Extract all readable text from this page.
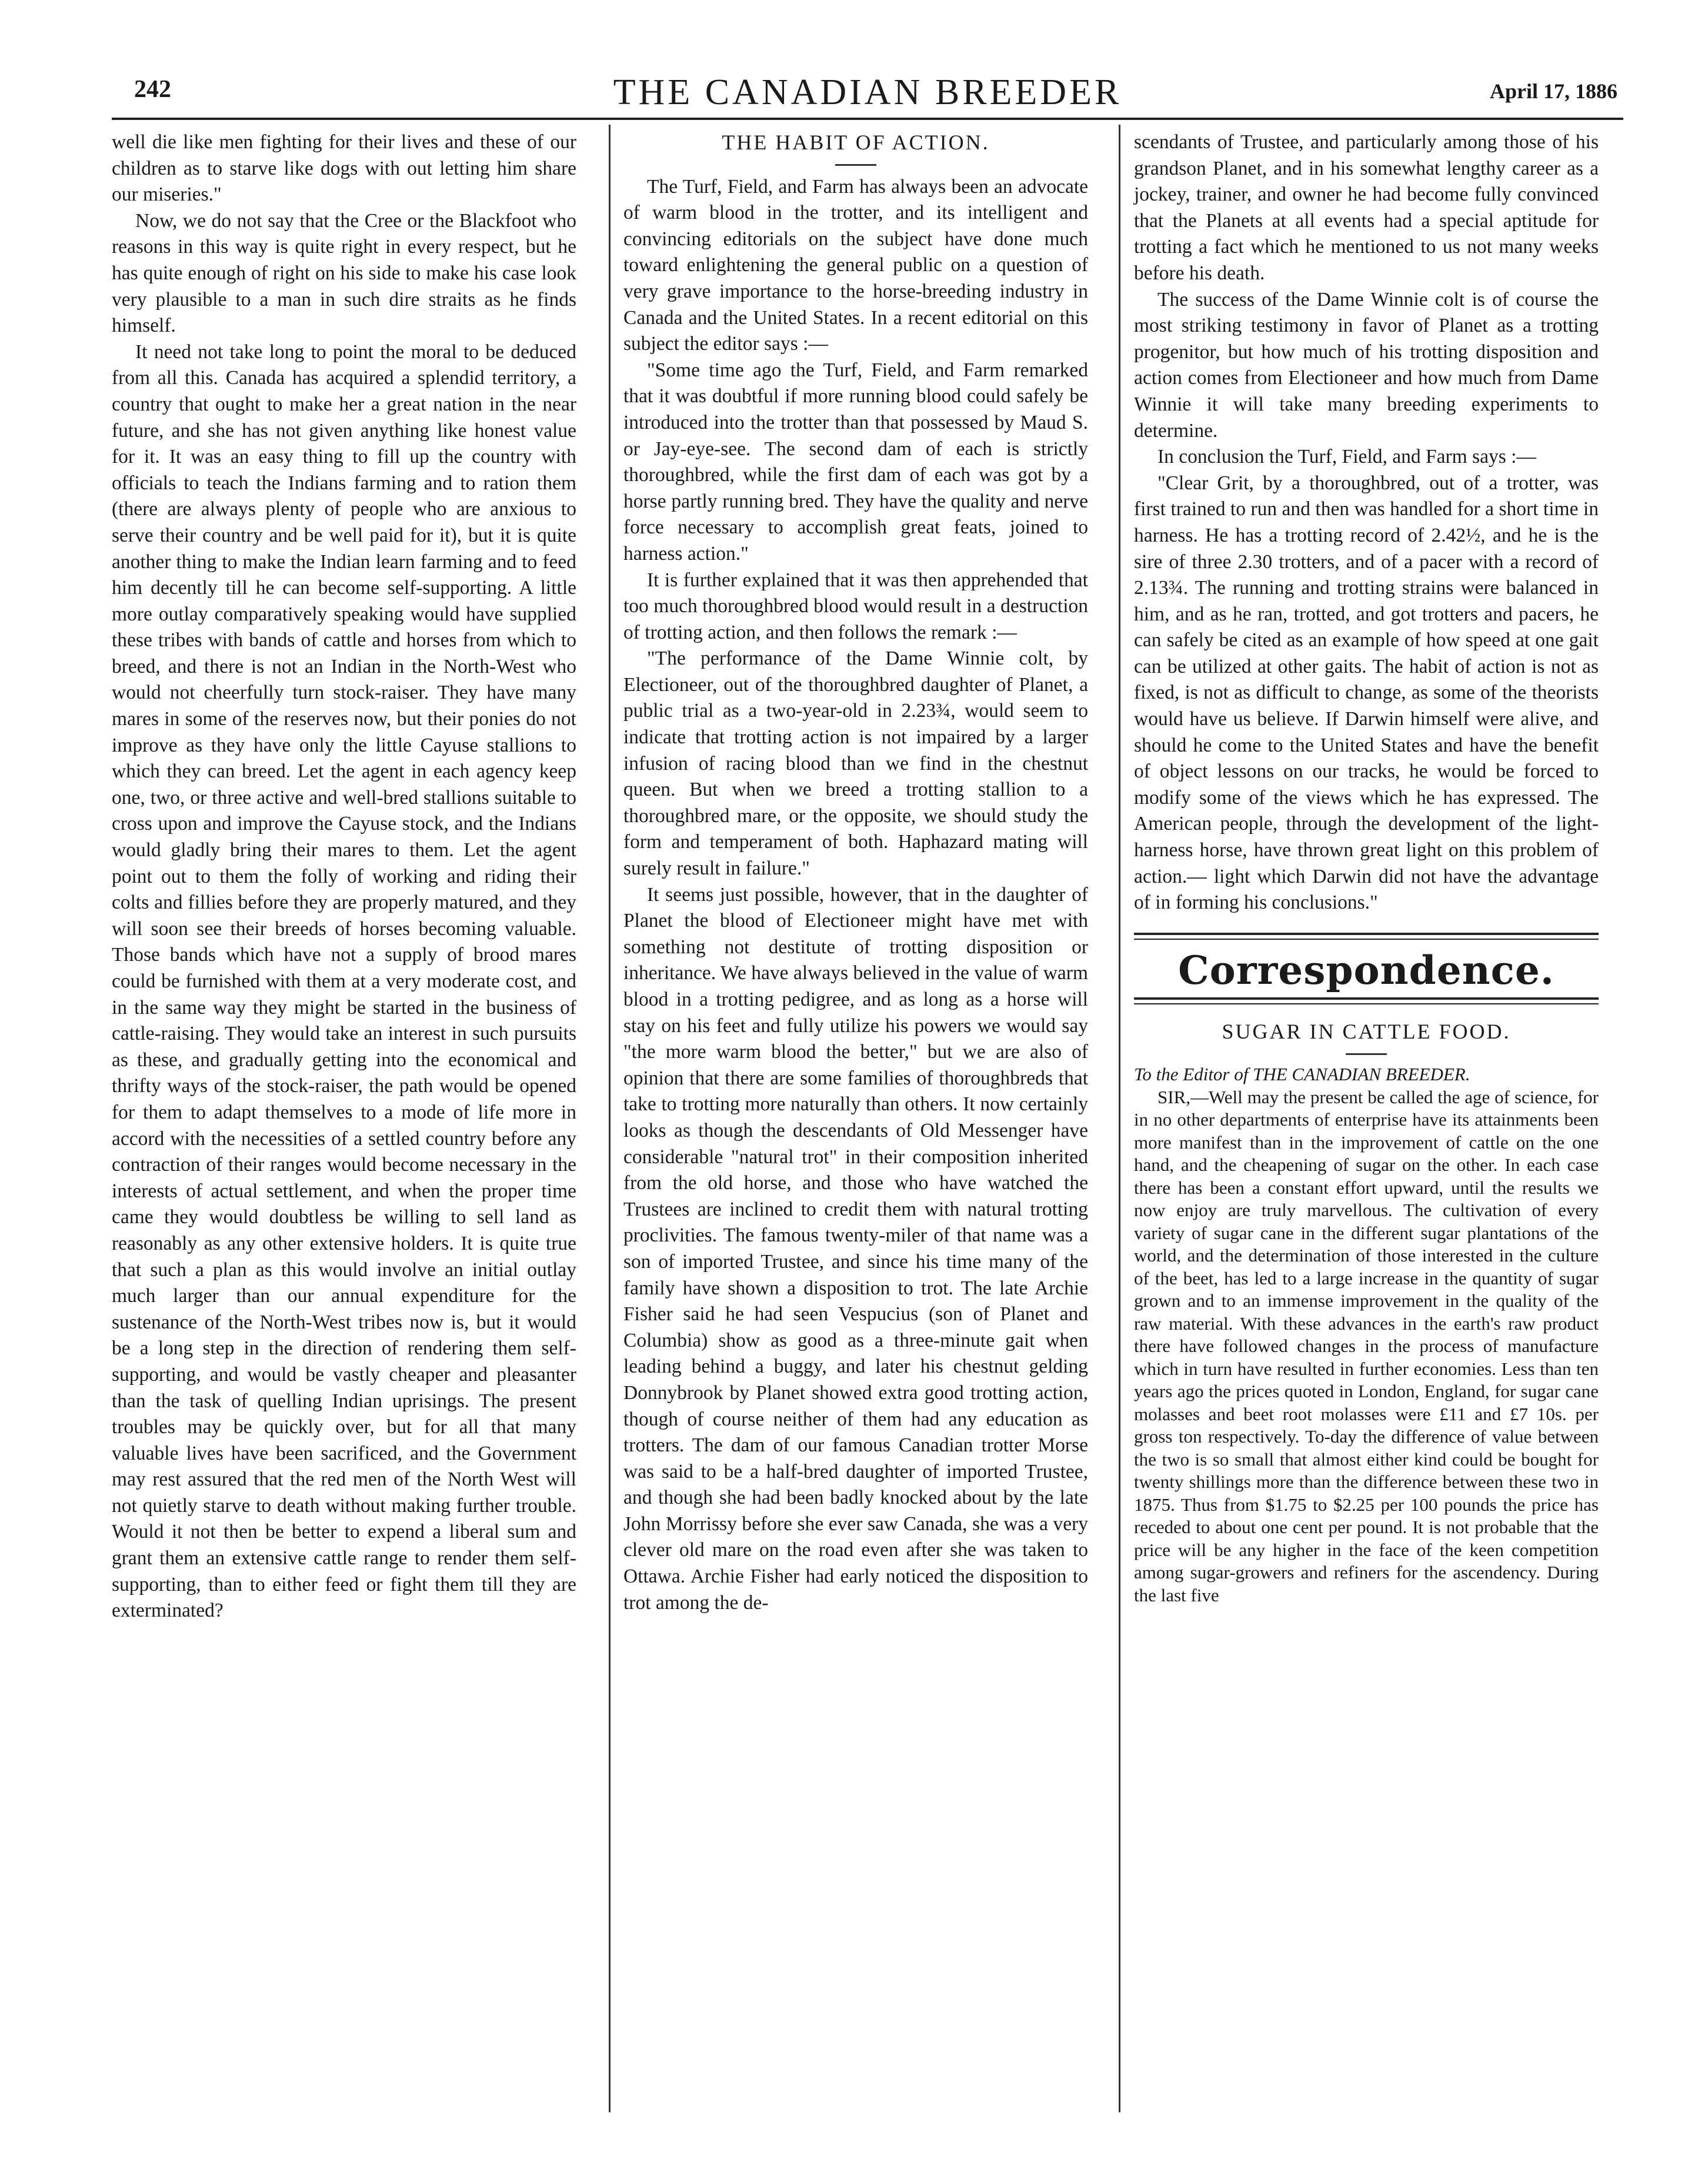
242	THE CANADIAN BREEDER	April 17, 1886

well die like men fighting for their lives and these of our children as to starve like dogs with out letting him share our miseries."

Now, we do not say that the Cree or the Blackfoot who reasons in this way is quite right in every respect, but he has quite enough of right on his side to make his case look very plausible to a man in such dire straits as he finds himself.

It need not take long to point the moral to be deduced from all this. Canada has acquired a splendid territory, a country that ought to make her a great nation in the near future, and she has not given anything like honest value for it. It was an easy thing to fill up the country with officials to teach the Indians farming and to ration them (there are always plenty of people who are anxious to serve their country and be well paid for it), but it is quite another thing to make the Indian learn farming and to feed him decently till he can become self-supporting. A little more outlay comparatively speaking would have supplied these tribes with bands of cattle and horses from which to breed, and there is not an Indian in the North-West who would not cheerfully turn stock-raiser. They have many mares in some of the reserves now, but their ponies do not improve as they have only the little Cayuse stallions to which they can breed. Let the agent in each agency keep one, two, or three active and well-bred stallions suitable to cross upon and improve the Cayuse stock, and the Indians would gladly bring their mares to them. Let the agent point out to them the folly of working and riding their colts and fillies before they are properly matured, and they will soon see their breeds of horses becoming valuable. Those bands which have not a supply of brood mares could be furnished with them at a very moderate cost, and in the same way they might be started in the business of cattle-raising. They would take an interest in such pursuits as these, and gradually getting into the economical and thrifty ways of the stock-raiser, the path would be opened for them to adapt themselves to a mode of life more in accord with the necessities of a settled country before any contraction of their ranges would become necessary in the interests of actual settlement, and when the proper time came they would doubtless be willing to sell land as reasonably as any other extensive holders. It is quite true that such a plan as this would involve an initial outlay much larger than our annual expenditure for the sustenance of the North-West tribes now is, but it would be a long step in the direction of rendering them self-supporting, and would be vastly cheaper and pleasanter than the task of quelling Indian uprisings. The present troubles may be quickly over, but for all that many valuable lives have been sacrificed, and the Government may rest assured that the red men of the North West will not quietly starve to death without making further trouble. Would it not then be better to expend a liberal sum and grant them an extensive cattle range to render them self-supporting, than to either feed or fight them till they are exterminated?

THE HABIT OF ACTION.

The Turf, Field, and Farm has always been an advocate of warm blood in the trotter, and its intelligent and convincing editorials on the subject have done much toward enlightening the general public on a question of very grave importance to the horse-breeding industry in Canada and the United States. In a recent editorial on this subject the editor says :—

"Some time ago the Turf, Field, and Farm remarked that it was doubtful if more running blood could safely be introduced into the trotter than that possessed by Maud S. or Jay-eye-see. The second dam of each is strictly thoroughbred, while the first dam of each was got by a horse partly running bred. They have the quality and nerve force necessary to accomplish great feats, joined to harness action."

It is further explained that it was then apprehended that too much thoroughbred blood would result in a destruction of trotting action, and then follows the remark :—

"The performance of the Dame Winnie colt, by Electioneer, out of the thoroughbred daughter of Planet, a public trial as a two-year-old in 2.23¾, would seem to indicate that trotting action is not impaired by a larger infusion of racing blood than we find in the chestnut queen. But when we breed a trotting stallion to a thoroughbred mare, or the opposite, we should study the form and temperament of both. Haphazard mating will surely result in failure."

It seems just possible, however, that in the daughter of Planet the blood of Electioneer might have met with something not destitute of trotting disposition or inheritance. We have always believed in the value of warm blood in a trotting pedigree, and as long as a horse will stay on his feet and fully utilize his powers we would say "the more warm blood the better," but we are also of opinion that there are some families of thoroughbreds that take to trotting more naturally than others. It now certainly looks as though the descendants of Old Messenger have considerable "natural trot" in their composition inherited from the old horse, and those who have watched the Trustees are inclined to credit them with natural trotting proclivities. The famous twenty-miler of that name was a son of imported Trustee, and since his time many of the family have shown a disposition to trot. The late Archie Fisher said he had seen Vespucius (son of Planet and Columbia) show as good as a three-minute gait when leading behind a buggy, and later his chestnut gelding Donnybrook by Planet showed extra good trotting action, though of course neither of them had any education as trotters. The dam of our famous Canadian trotter Morse was said to be a half-bred daughter of imported Trustee, and though she had been badly knocked about by the late John Morrissy before she ever saw Canada, she was a very clever old mare on the road even after she was taken to Ottawa. Archie Fisher had early noticed the disposition to trot among the de-

scendants of Trustee, and particularly among those of his grandson Planet, and in his somewhat lengthy career as a jockey, trainer, and owner he had become fully convinced that the Planets at all events had a special aptitude for trotting a fact which he mentioned to us not many weeks before his death.

The success of the Dame Winnie colt is of course the most striking testimony in favor of Planet as a trotting progenitor, but how much of his trotting disposition and action comes from Electioneer and how much from Dame Winnie it will take many breeding experiments to determine.

In conclusion the Turf, Field, and Farm says :—

"Clear Grit, by a thoroughbred, out of a trotter, was first trained to run and then was handled for a short time in harness. He has a trotting record of 2.42½, and he is the sire of three 2.30 trotters, and of a pacer with a record of 2.13¾. The running and trotting strains were balanced in him, and as he ran, trotted, and got trotters and pacers, he can safely be cited as an example of how speed at one gait can be utilized at other gaits. The habit of action is not as fixed, is not as difficult to change, as some of the theorists would have us believe. If Darwin himself were alive, and should he come to the United States and have the benefit of object lessons on our tracks, he would be forced to modify some of the views which he has expressed. The American people, through the development of the light-harness horse, have thrown great light on this problem of action.— light which Darwin did not have the advantage of in forming his conclusions."

Correspondence.
SUGAR IN CATTLE FOOD.

To the Editor of THE CANADIAN BREEDER.

SIR,—Well may the present be called the age of science, for in no other departments of enterprise have its attainments been more manifest than in the improvement of cattle on the one hand, and the cheapening of sugar on the other. In each case there has been a constant effort upward, until the results we now enjoy are truly marvellous. The cultivation of every variety of sugar cane in the different sugar plantations of the world, and the determination of those interested in the culture of the beet, has led to a large increase in the quantity of sugar grown and to an immense improvement in the quality of the raw material. With these advances in the earth's raw product there have followed changes in the process of manufacture which in turn have resulted in further economies. Less than ten years ago the prices quoted in London, England, for sugar cane molasses and beet root molasses were £11 and £7 10s. per gross ton respectively. To-day the difference of value between the two is so small that almost either kind could be bought for twenty shillings more than the difference between these two in 1875. Thus from $1.75 to $2.25 per 100 pounds the price has receded to about one cent per pound. It is not probable that the price will be any higher in the face of the keen competition among sugar-growers and refiners for the ascendency. During the last five
